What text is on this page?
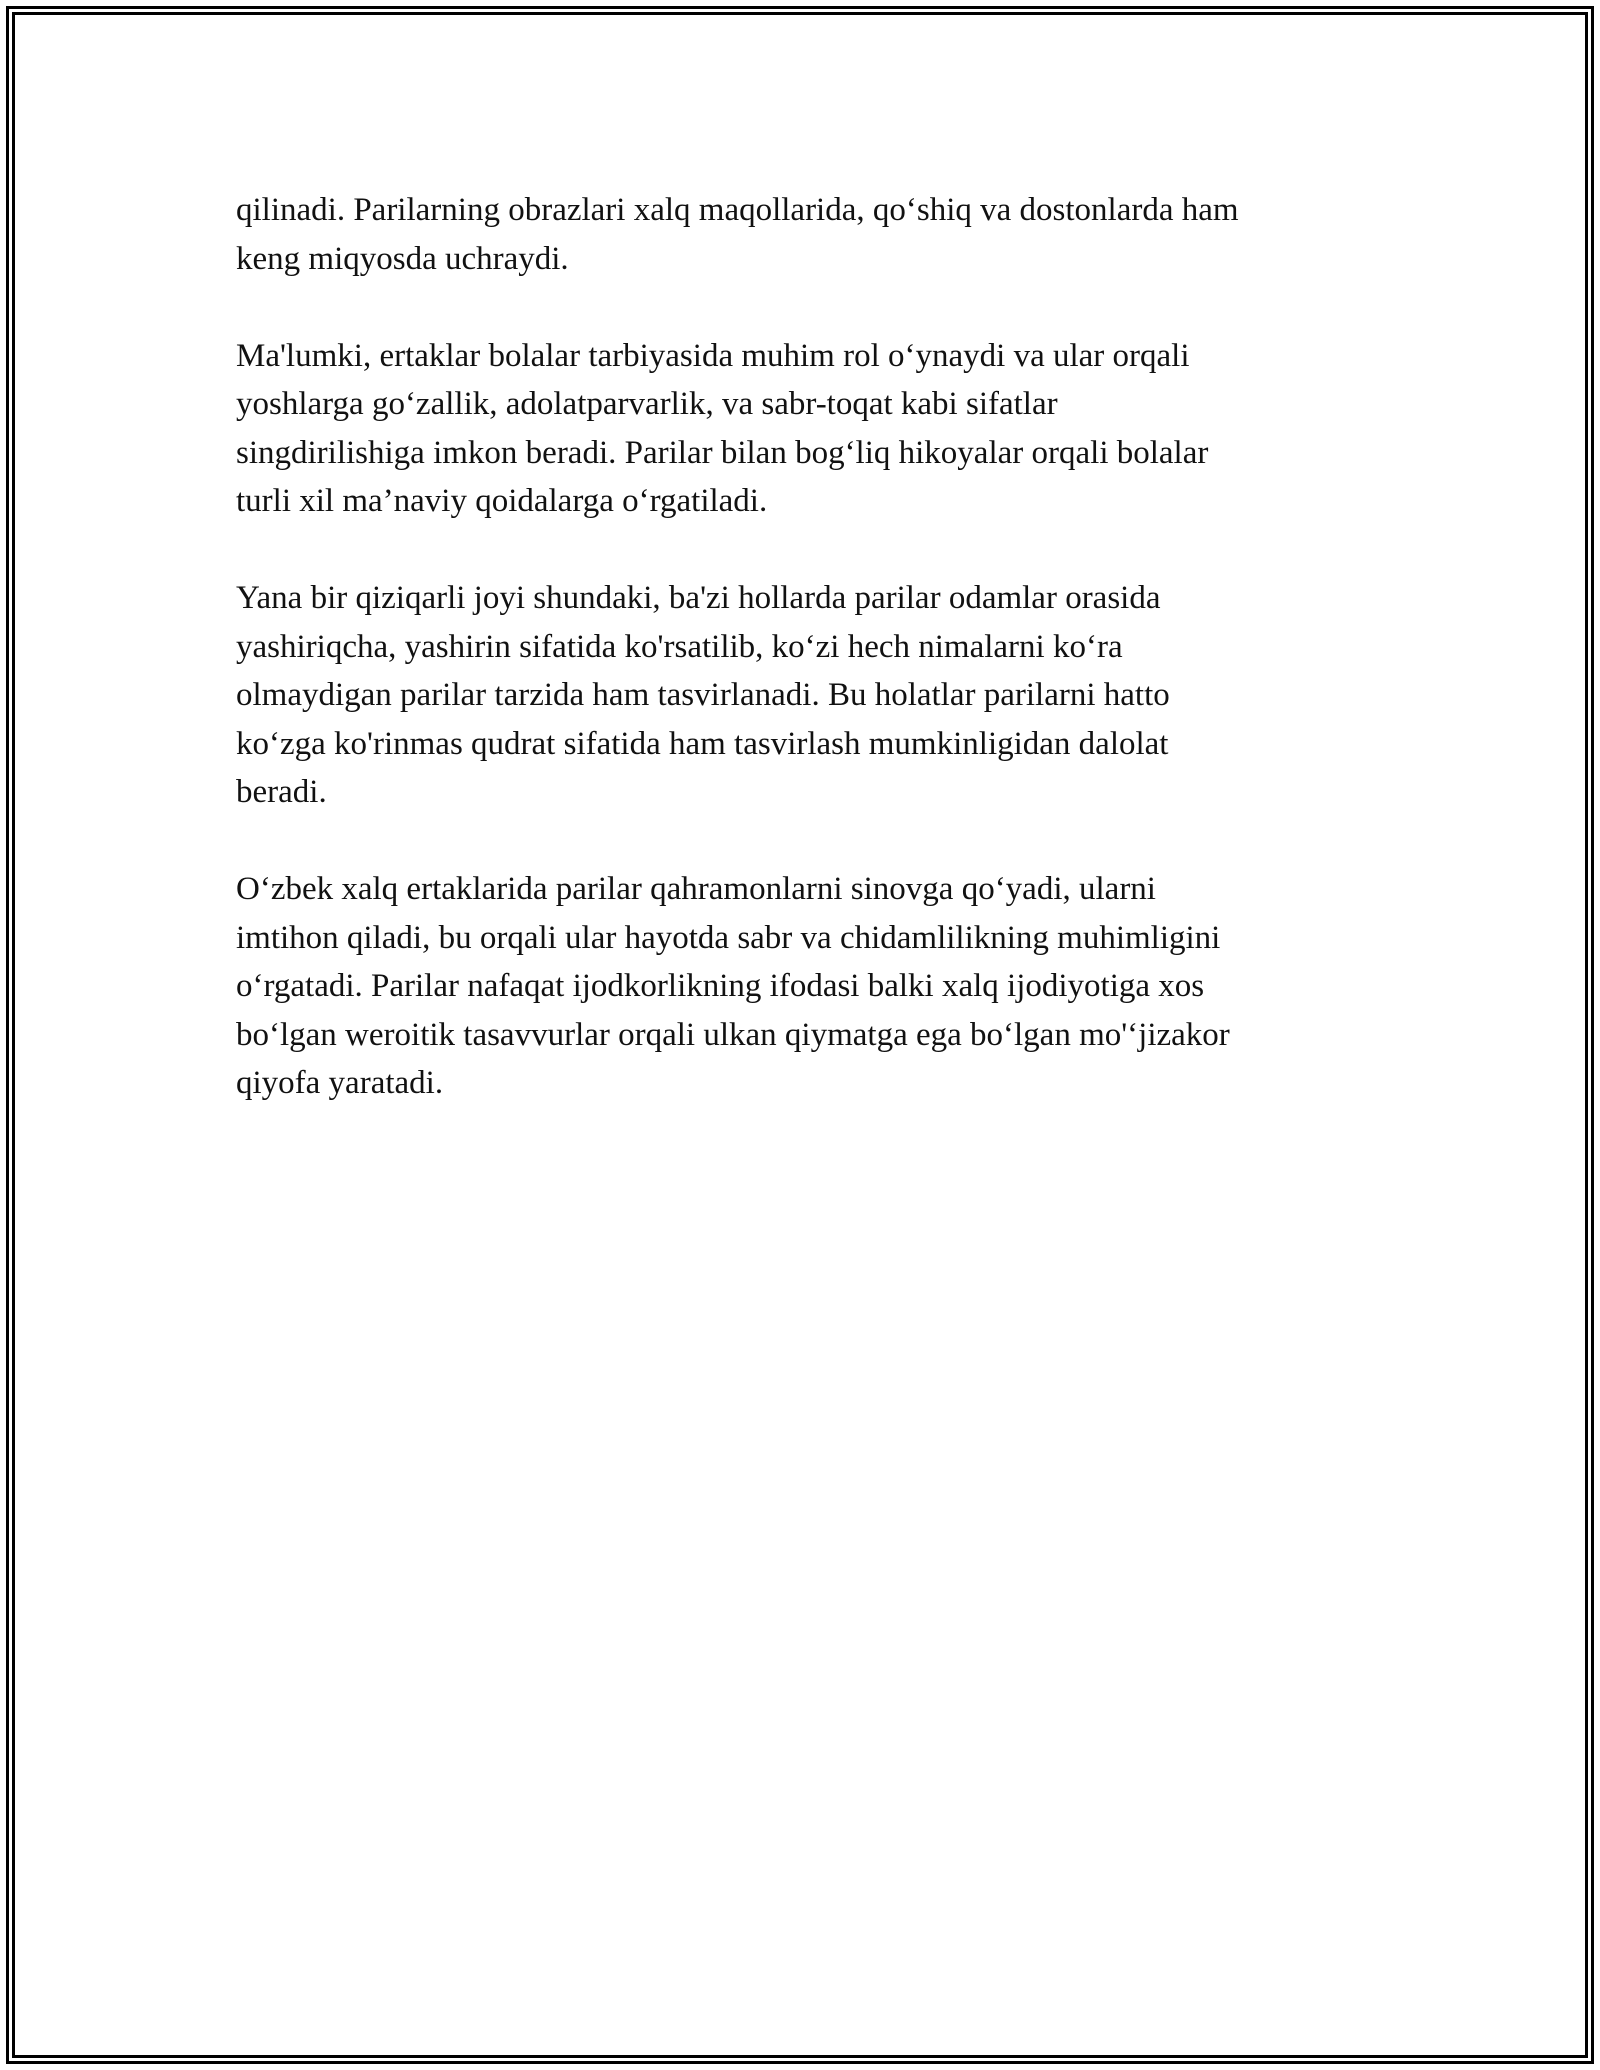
qilinadi. Parilarning obrazlari xalq maqollarida, qo‘shiq va dostonlarda ham
keng miqyosda uchraydi.

Ma'lumki, ertaklar bolalar tarbiyasida muhim rol o‘ynaydi va ular orqali
yoshlarga go‘zallik, adolatparvarlik, va sabr-toqat kabi sifatlar
singdirilishiga imkon beradi. Parilar bilan bog‘liq hikoyalar orqali bolalar
turli xil ma’naviy qoidalarga o‘rgatiladi.

Yana bir qiziqarli joyi shundaki, ba'zi hollarda parilar odamlar orasida
yashiriqcha, yashirin sifatida ko'rsatilib, ko‘zi hech nimalarni ko‘ra
olmaydigan parilar tarzida ham tasvirlanadi. Bu holatlar parilarni hatto
ko‘zga ko'rinmas qudrat sifatida ham tasvirlash mumkinligidan dalolat
beradi.

O‘zbek xalq ertaklarida parilar qahramonlarni sinovga qo‘yadi, ularni
imtihon qiladi, bu orqali ular hayotda sabr va chidamlilikning muhimligini
o‘rgatadi. Parilar nafaqat ijodkorlikning ifodasi balki xalq ijodiyotiga xos
bo‘lgan weroitik tasavvurlar orqali ulkan qiymatga ega bo‘lgan mo'‘jizakor
qiyofa yaratadi.
